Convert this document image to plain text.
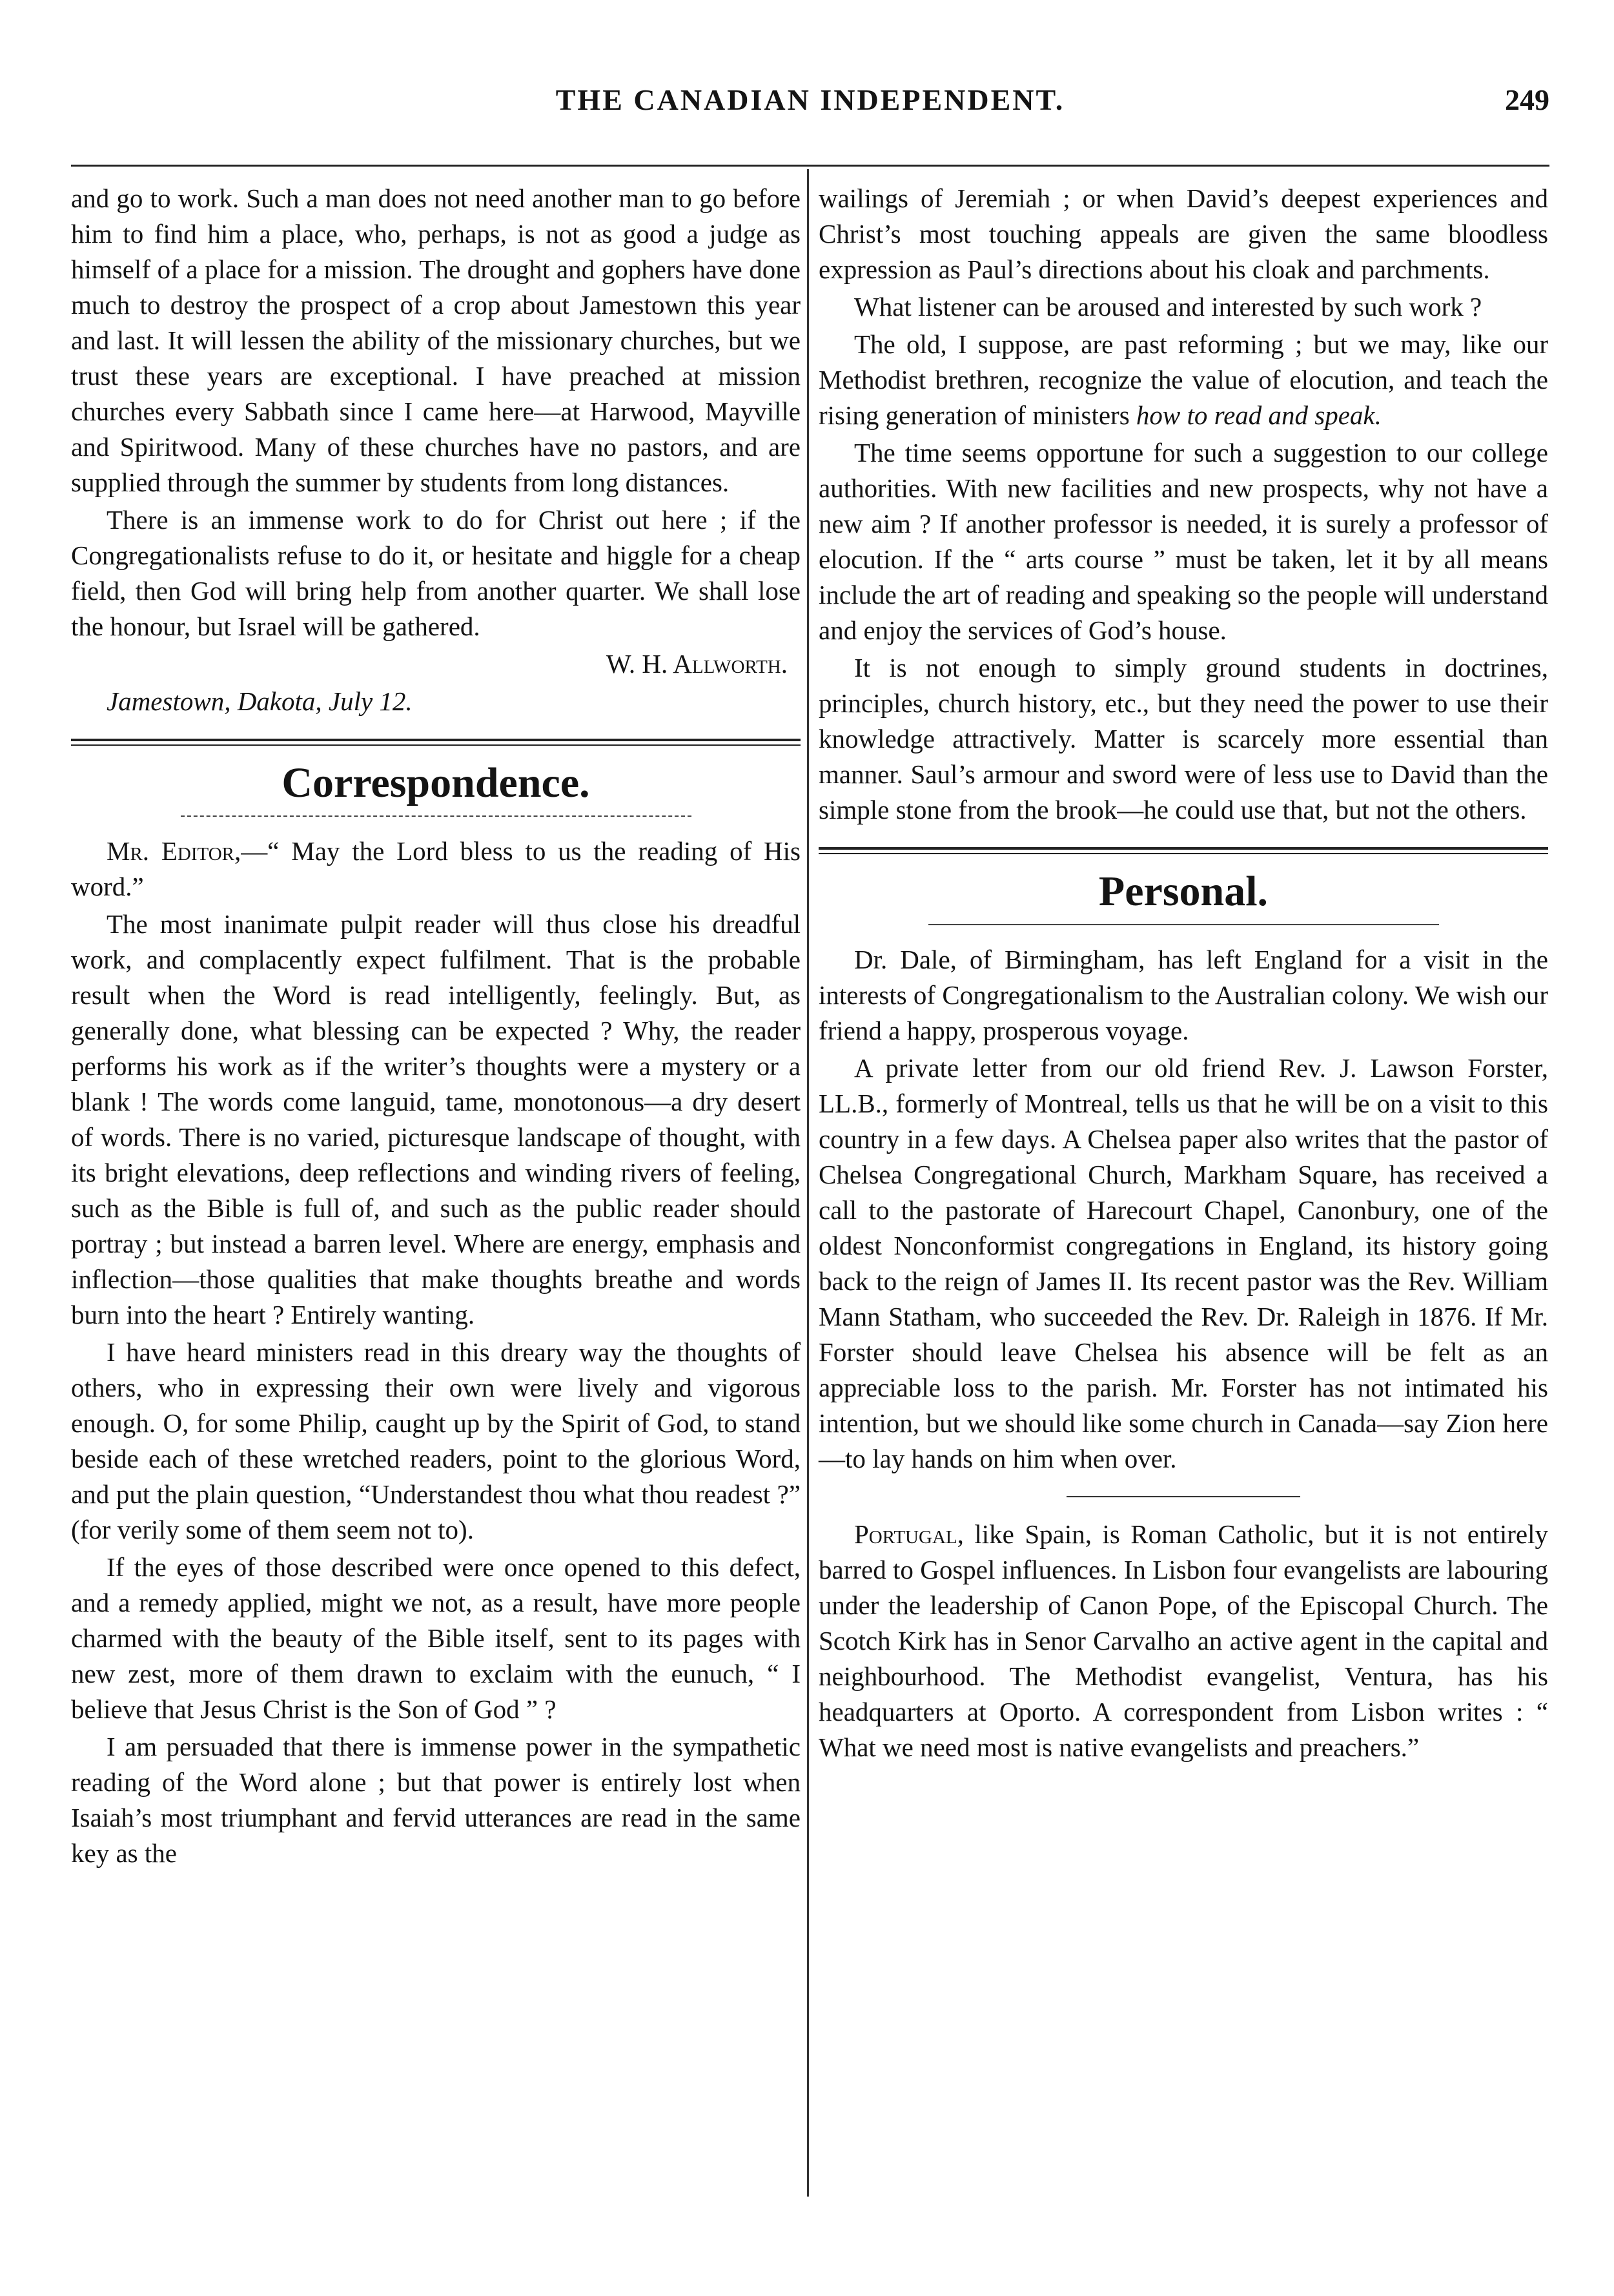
THE CANADIAN INDEPENDENT.	249

and go to work. Such a man does not need another man to go before him to find him a place, who, perhaps, is not as good a judge as himself of a place for a mission. The drought and gophers have done much to destroy the prospect of a crop about Jamestown this year and last. It will lessen the ability of the missionary churches, but we trust these years are exceptional. I have preached at mission churches every Sabbath since I came here—at Harwood, Mayville and Spiritwood. Many of these churches have no pastors, and are supplied through the summer by students from long distances.

There is an immense work to do for Christ out here ; if the Congregationalists refuse to do it, or hesitate and higgle for a cheap field, then God will bring help from another quarter. We shall lose the honour, but Israel will be gathered.

W. H. Allworth.

Jamestown, Dakota, July 12.

Correspondence.

Mr. Editor,—“ May the Lord bless to us the reading of His word.”

The most inanimate pulpit reader will thus close his dreadful work, and complacently expect fulfilment. That is the probable result when the Word is read intelligently, feelingly. But, as generally done, what blessing can be expected ? Why, the reader performs his work as if the writer’s thoughts were a mystery or a blank ! The words come languid, tame, monotonous—a dry desert of words. There is no varied, picturesque landscape of thought, with its bright elevations, deep reflections and winding rivers of feeling, such as the Bible is full of, and such as the public reader should portray ; but instead a barren level. Where are energy, emphasis and inflection—those qualities that make thoughts breathe and words burn into the heart ? Entirely wanting.

I have heard ministers read in this dreary way the thoughts of others, who in expressing their own were lively and vigorous enough. O, for some Philip, caught up by the Spirit of God, to stand beside each of these wretched readers, point to the glorious Word, and put the plain question, “Understandest thou what thou readest ?” (for verily some of them seem not to).

If the eyes of those described were once opened to this defect, and a remedy applied, might we not, as a result, have more people charmed with the beauty of the Bible itself, sent to its pages with new zest, more of them drawn to exclaim with the eunuch, “ I believe that Jesus Christ is the Son of God ” ?

I am persuaded that there is immense power in the sympathetic reading of the Word alone ; but that power is entirely lost when Isaiah’s most triumphant and fervid utterances are read in the same key as the

wailings of Jeremiah ; or when David’s deepest experiences and Christ’s most touching appeals are given the same bloodless expression as Paul’s directions about his cloak and parchments.

What listener can be aroused and interested by such work ?

The old, I suppose, are past reforming ; but we may, like our Methodist brethren, recognize the value of elocution, and teach the rising generation of ministers how to read and speak.

The time seems opportune for such a suggestion to our college authorities. With new facilities and new prospects, why not have a new aim ? If another professor is needed, it is surely a professor of elocution. If the “ arts course ” must be taken, let it by all means include the art of reading and speaking so the people will understand and enjoy the services of God’s house.

It is not enough to simply ground students in doctrines, principles, church history, etc., but they need the power to use their knowledge attractively. Matter is scarcely more essential than manner. Saul’s armour and sword were of less use to David than the simple stone from the brook—he could use that, but not the others.

Personal.

Dr. Dale, of Birmingham, has left England for a visit in the interests of Congregationalism to the Australian colony. We wish our friend a happy, prosperous voyage.

A private letter from our old friend Rev. J. Lawson Forster, LL.B., formerly of Montreal, tells us that he will be on a visit to this country in a few days. A Chelsea paper also writes that the pastor of Chelsea Congregational Church, Markham Square, has received a call to the pastorate of Harecourt Chapel, Canonbury, one of the oldest Nonconformist congregations in England, its history going back to the reign of James II. Its recent pastor was the Rev. William Mann Statham, who succeeded the Rev. Dr. Raleigh in 1876. If Mr. Forster should leave Chelsea his absence will be felt as an appreciable loss to the parish. Mr. Forster has not intimated his intention, but we should like some church in Canada—say Zion here—to lay hands on him when over.

Portugal, like Spain, is Roman Catholic, but it is not entirely barred to Gospel influences. In Lisbon four evangelists are labouring under the leadership of Canon Pope, of the Episcopal Church. The Scotch Kirk has in Senor Carvalho an active agent in the capital and neighbourhood. The Methodist evangelist, Ventura, has his headquarters at Oporto. A correspondent from Lisbon writes : “ What we need most is native evangelists and preachers.”
